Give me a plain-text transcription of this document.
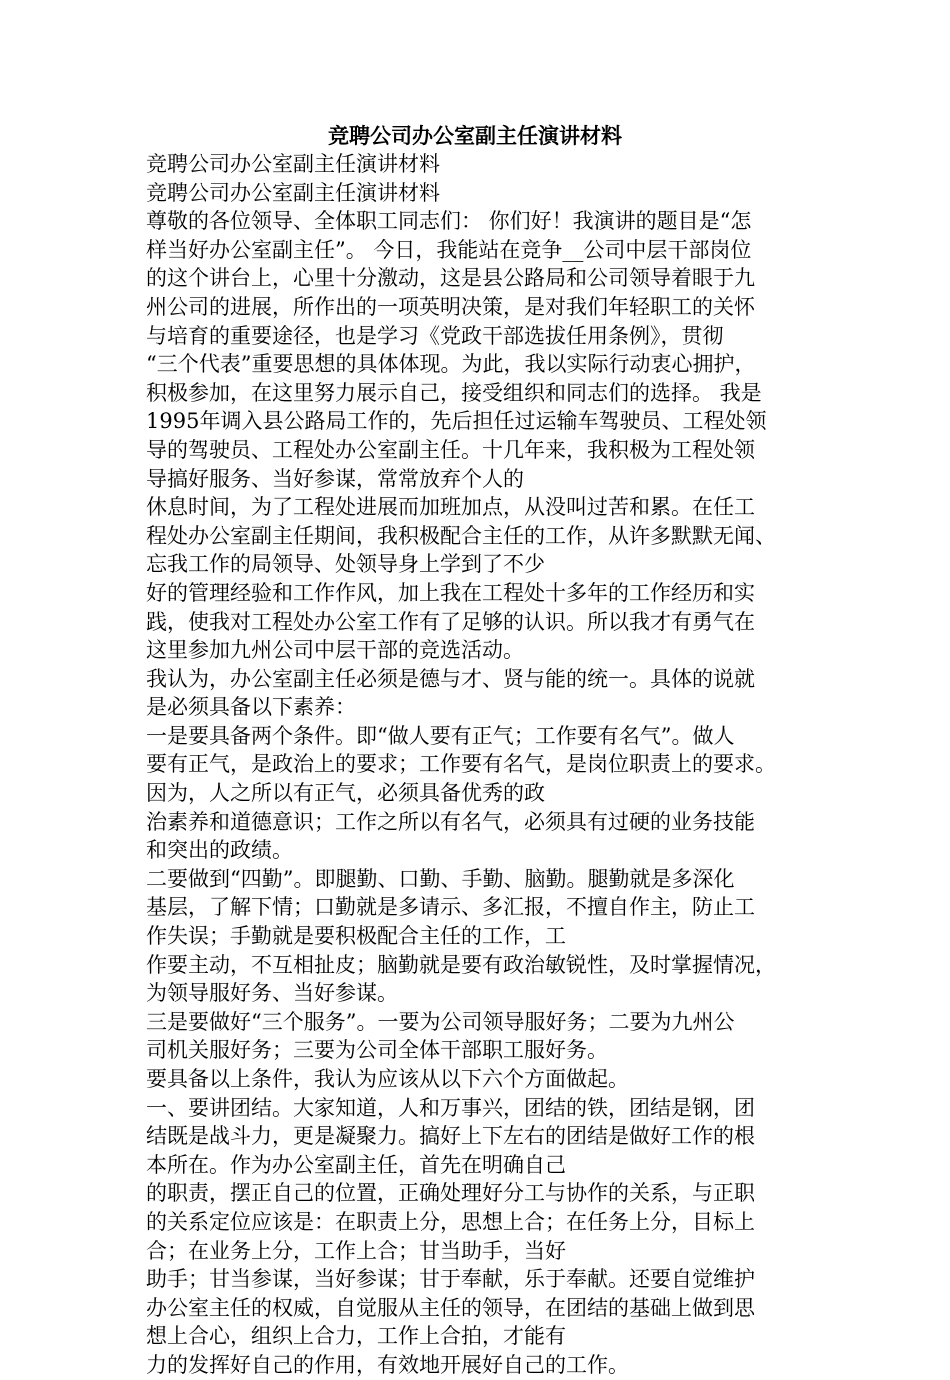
竞聘公司办公室副主任演讲材料
竞聘公司办公室副主任演讲材料
竞聘公司办公室副主任演讲材料
尊敬的各位领导、全体职工同志们： 你们好！我演讲的题目是“怎
样当好办公室副主任”。 今日，我能站在竞争__公司中层干部岗位
的这个讲台上，心里十分激动，这是县公路局和公司领导着眼于九
州公司的进展，所作出的一项英明决策，是对我们年轻职工的关怀
与培育的重要途径，也是学习《党政干部选拔任用条例》，贯彻
“三个代表”重要思想的具体体现。为此，我以实际行动衷心拥护，
积极参加，在这里努力展示自己，接受组织和同志们的选择。 我是
1995年调入县公路局工作的，先后担任过运输车驾驶员、工程处领
导的驾驶员、工程处办公室副主任。十几年来，我积极为工程处领
导搞好服务、当好参谋，常常放弃个人的
休息时间，为了工程处进展而加班加点，从没叫过苦和累。在任工
程处办公室副主任期间，我积极配合主任的工作，从许多默默无闻、
忘我工作的局领导、处领导身上学到了不少
好的管理经验和工作作风，加上我在工程处十多年的工作经历和实
践，使我对工程处办公室工作有了足够的认识。所以我才有勇气在
这里参加九州公司中层干部的竞选活动。
我认为，办公室副主任必须是德与才、贤与能的统一。具体的说就
是必须具备以下素养：
一是要具备两个条件。即“做人要有正气；工作要有名气”。做人
要有正气，是政治上的要求；工作要有名气，是岗位职责上的要求。
因为，人之所以有正气，必须具备优秀的政
治素养和道德意识；工作之所以有名气，必须具有过硬的业务技能
和突出的政绩。
二要做到“四勤”。即腿勤、口勤、手勤、脑勤。腿勤就是多深化
基层，了解下情；口勤就是多请示、多汇报，不擅自作主，防止工
作失误；手勤就是要积极配合主任的工作，工
作要主动，不互相扯皮；脑勤就是要有政治敏锐性，及时掌握情况，
为领导服好务、当好参谋。
三是要做好“三个服务”。一要为公司领导服好务；二要为九州公
司机关服好务；三要为公司全体干部职工服好务。
要具备以上条件，我认为应该从以下六个方面做起。
一、要讲团结。大家知道，人和万事兴，团结的铁，团结是钢，团
结既是战斗力，更是凝聚力。搞好上下左右的团结是做好工作的根
本所在。作为办公室副主任，首先在明确自己
的职责，摆正自己的位置，正确处理好分工与协作的关系，与正职
的关系定位应该是：在职责上分，思想上合；在任务上分，目标上
合；在业务上分，工作上合；甘当助手，当好
助手；甘当参谋，当好参谋；甘于奉献，乐于奉献。还要自觉维护
办公室主任的权威，自觉服从主任的领导，在团结的基础上做到思
想上合心，组织上合力，工作上合拍，才能有
力的发挥好自己的作用，有效地开展好自己的工作。
